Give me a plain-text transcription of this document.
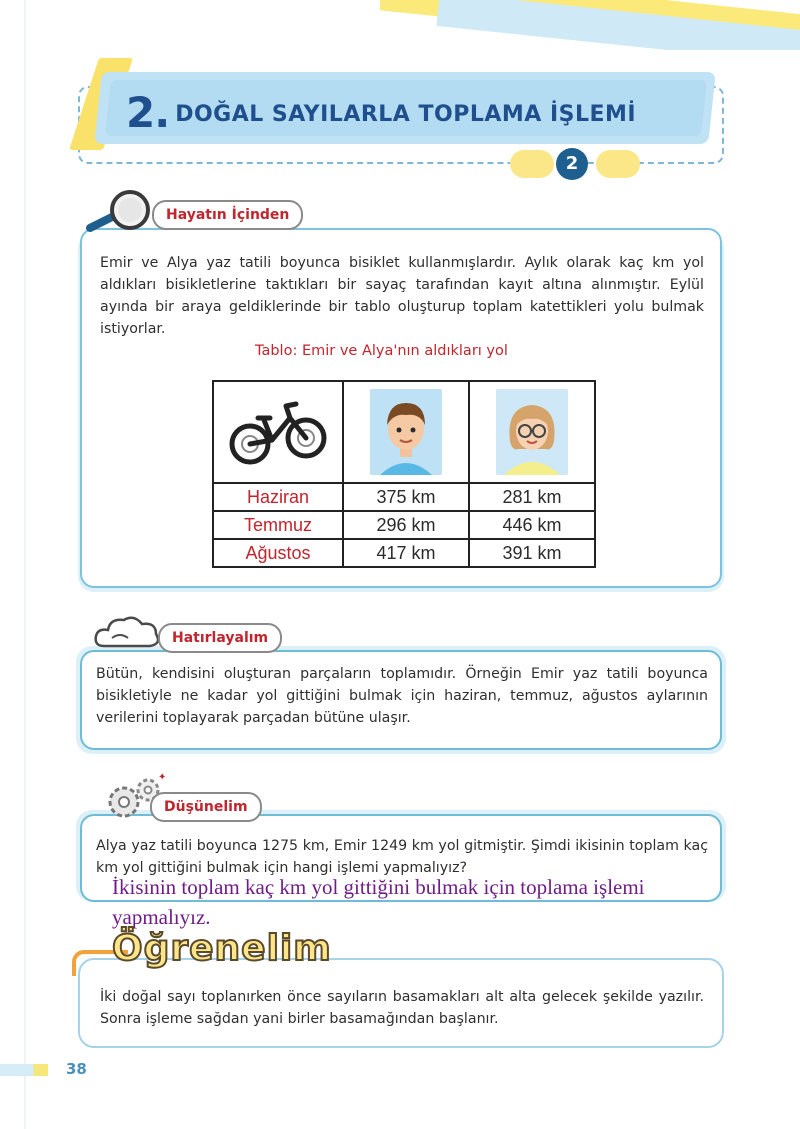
2. DOĞAL SAYILARLA TOPLAMA İŞLEMİ
2
Hayatın İçinden
Emir ve Alya yaz tatili boyunca bisiklet kullanmışlardır. Aylık olarak kaç km yol aldıkları bisikletlerine taktıkları bir sayaç tarafından kayıt altına alınmıştır. Eylül ayında bir araya geldiklerinde bir tablo oluşturup toplam katettikleri yolu bulmak istiyorlar.
Tablo: Emir ve Alya'nın aldıkları yol

Haziran	375 km	281 km
Temmuz	296 km	446 km
Ağustos	417 km	391 km
Hatırlayalım
Bütün, kendisini oluşturan parçaların toplamıdır. Örneğin Emir yaz tatili boyunca bisikletiyle ne kadar yol gittiğini bulmak için haziran, temmuz, ağustos aylarının verilerini toplayarak parçadan bütüne ulaşır.
✦
Düşünelim
Alya yaz tatili boyunca 1275 km, Emir 1249 km yol gitmiştir. Şimdi ikisinin toplam kaç km yol gittiğini bulmak için hangi işlemi yapmalıyız?
İkisinin toplam kaç km yol gittiğini bulmak için toplama işlemi yapmalıyız.
Öğrenelim
İki doğal sayı toplanırken önce sayıların basamakları alt alta gelecek şekilde yazılır. Sonra işleme sağdan yani birler basamağından başlanır.
38
